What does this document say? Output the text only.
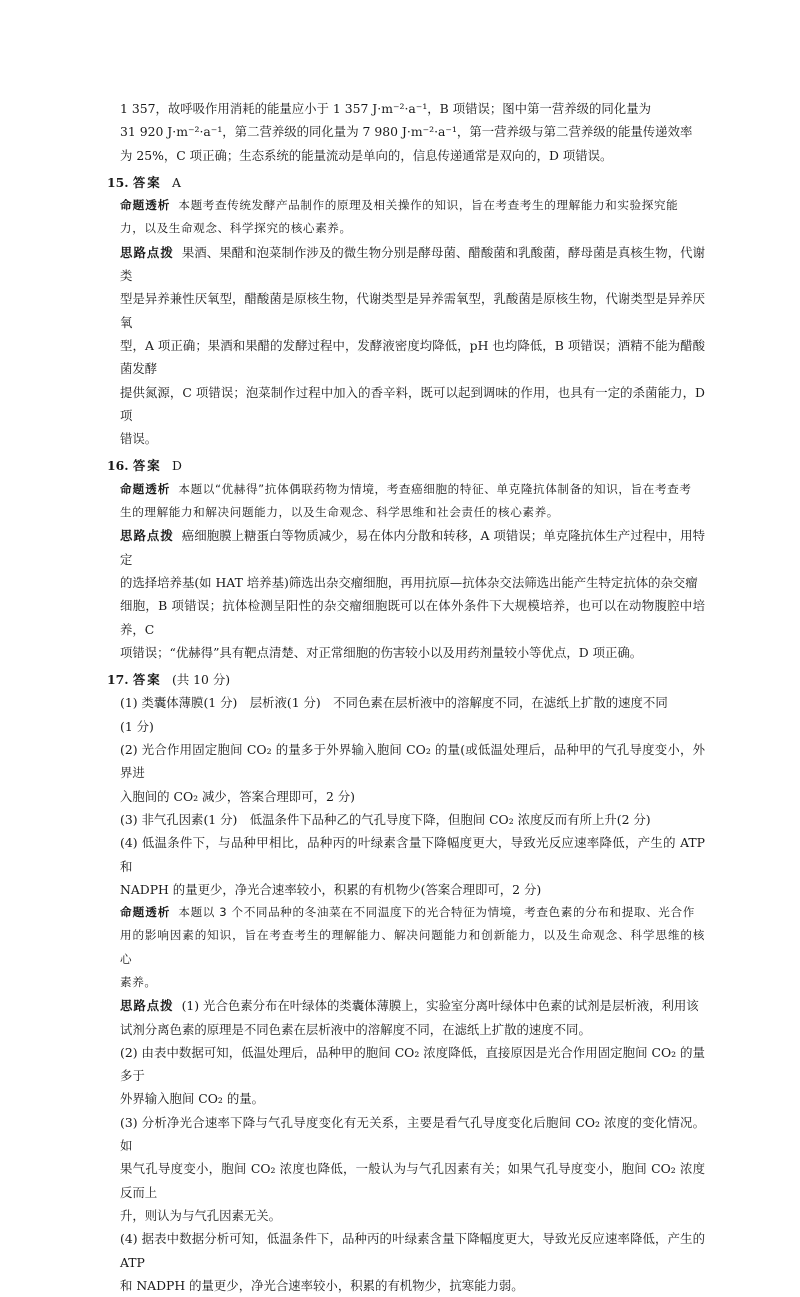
1 357，故呼吸作用消耗的能量应小于 1 357 J·m⁻²·a⁻¹，B 项错误；图中第一营养级的同化量为

31 920 J·m⁻²·a⁻¹，第二营养级的同化量为 7 980 J·m⁻²·a⁻¹，第一营养级与第二营养级的能量传递效率

为 25%，C 项正确；生态系统的能量流动是单向的，信息传递通常是双向的，D 项错误。

15. 答案 A

命题透析 本题考查传统发酵产品制作的原理及相关操作的知识，旨在考查考生的理解能力和实验探究能

力，以及生命观念、科学探究的核心素养。

思路点拨 果酒、果醋和泡菜制作涉及的微生物分别是酵母菌、醋酸菌和乳酸菌，酵母菌是真核生物，代谢类

型是异养兼性厌氧型，醋酸菌是原核生物，代谢类型是异养需氧型，乳酸菌是原核生物，代谢类型是异养厌氧

型，A 项正确；果酒和果醋的发酵过程中，发酵液密度均降低，pH 也均降低，B 项错误；酒精不能为醋酸菌发酵

提供氮源，C 项错误；泡菜制作过程中加入的香辛料，既可以起到调味的作用，也具有一定的杀菌能力，D 项

错误。

16. 答案 D

命题透析 本题以“优赫得”抗体偶联药物为情境，考查癌细胞的特征、单克隆抗体制备的知识，旨在考查考

生的理解能力和解决问题能力，以及生命观念、科学思维和社会责任的核心素养。

思路点拨 癌细胞膜上糖蛋白等物质减少，易在体内分散和转移，A 项错误；单克隆抗体生产过程中，用特定

的选择培养基(如 HAT 培养基)筛选出杂交瘤细胞，再用抗原—抗体杂交法筛选出能产生特定抗体的杂交瘤

细胞，B 项错误；抗体检测呈阳性的杂交瘤细胞既可以在体外条件下大规模培养，也可以在动物腹腔中培养，C

项错误；“优赫得”具有靶点清楚、对正常细胞的伤害较小以及用药剂量较小等优点，D 项正确。

17. 答案 (共 10 分)

(1) 类囊体薄膜(1 分)　层析液(1 分)　不同色素在层析液中的溶解度不同，在滤纸上扩散的速度不同

(1 分)

(2) 光合作用固定胞间 CO₂ 的量多于外界输入胞间 CO₂ 的量(或低温处理后，品种甲的气孔导度变小，外界进

入胞间的 CO₂ 减少，答案合理即可，2 分)

(3) 非气孔因素(1 分)　低温条件下品种乙的气孔导度下降，但胞间 CO₂ 浓度反而有所上升(2 分)

(4) 低温条件下，与品种甲相比，品种丙的叶绿素含量下降幅度更大，导致光反应速率降低，产生的 ATP 和

NADPH 的量更少，净光合速率较小，积累的有机物少(答案合理即可，2 分)

命题透析 本题以 3 个不同品种的冬油菜在不同温度下的光合特征为情境，考查色素的分布和提取、光合作

用的影响因素的知识，旨在考查考生的理解能力、解决问题能力和创新能力，以及生命观念、科学思维的核心

素养。

思路点拨 (1) 光合色素分布在叶绿体的类囊体薄膜上，实验室分离叶绿体中色素的试剂是层析液，利用该

试剂分离色素的原理是不同色素在层析液中的溶解度不同，在滤纸上扩散的速度不同。

(2) 由表中数据可知，低温处理后，品种甲的胞间 CO₂ 浓度降低，直接原因是光合作用固定胞间 CO₂ 的量多于

外界输入胞间 CO₂ 的量。

(3) 分析净光合速率下降与气孔导度变化有无关系，主要是看气孔导度变化后胞间 CO₂ 浓度的变化情况。如

果气孔导度变小，胞间 CO₂ 浓度也降低，一般认为与气孔因素有关；如果气孔导度变小，胞间 CO₂ 浓度反而上

升，则认为与气孔因素无关。

(4) 据表中数据分析可知，低温条件下，品种丙的叶绿素含量下降幅度更大，导致光反应速率降低，产生的 ATP

和 NADPH 的量更少，净光合速率较小，积累的有机物少，抗寒能力弱。
